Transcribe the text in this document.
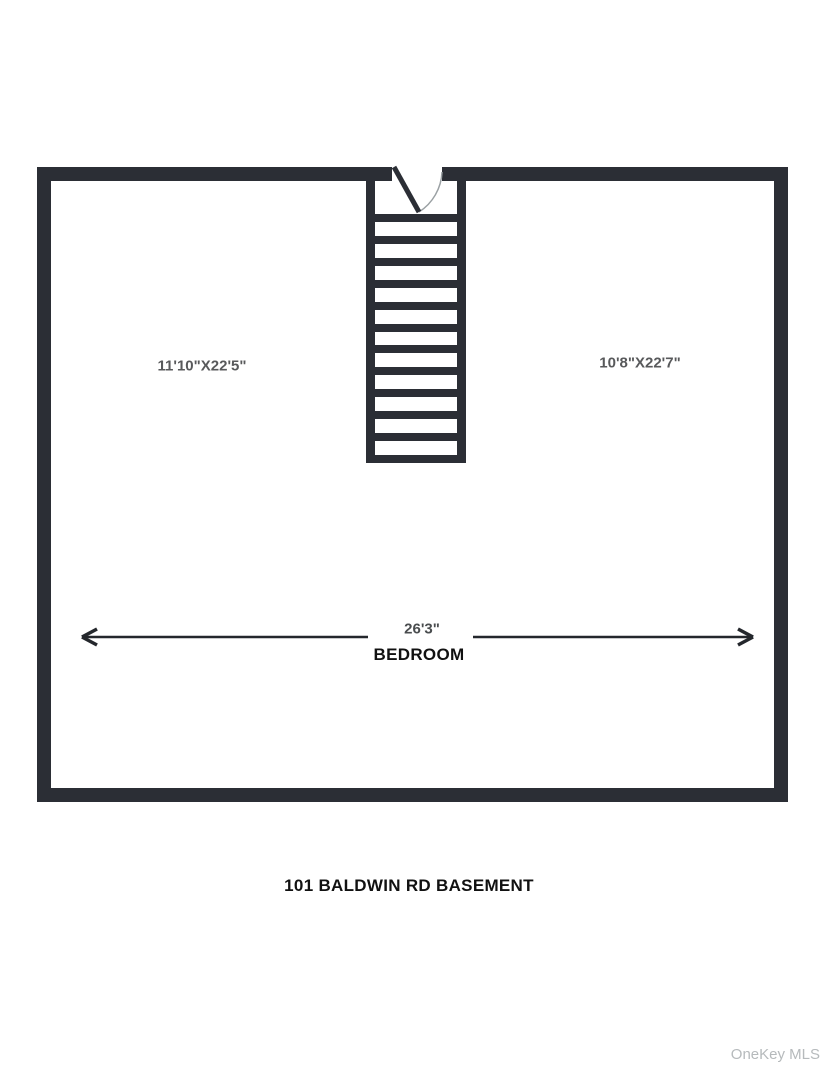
11'10"X22'5"	10'8"X22'7"
26'3"
BEDROOM
101 BALDWIN RD BASEMENT
OneKey MLS
